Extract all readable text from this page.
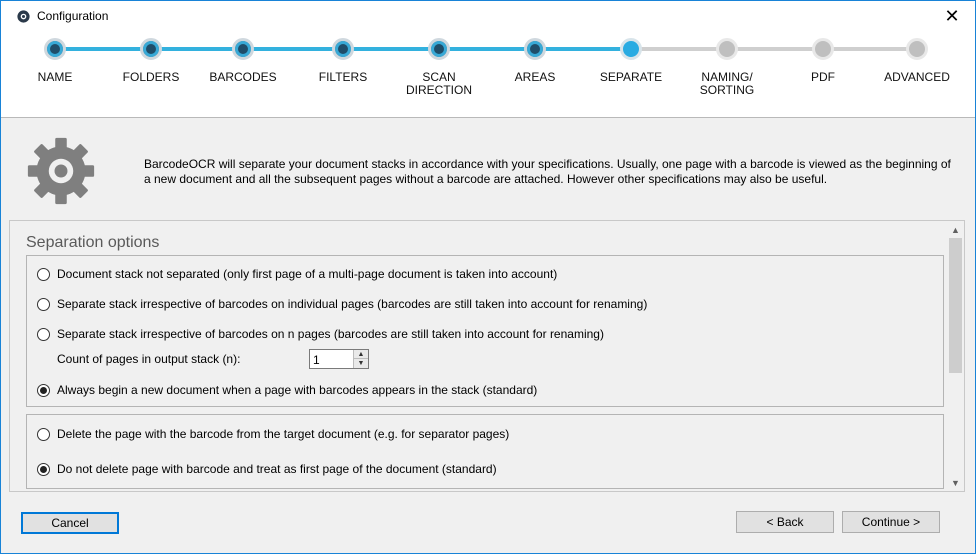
Configuration	✕
NAME	FOLDERS	BARCODES	FILTERS	SCAN
DIRECTION
AREAS	SEPARATE	NAMING/
SORTING
PDF	ADVANCED
BarcodeOCR will separate your document stacks in accordance with your specifications. Usually, one page with a barcode is viewed as the beginning of a new document and all the subsequent pages without a barcode are attached. However other specifications may also be useful.
Separation options
Document stack not separated (only first page of a multi-page document is taken into account)
Separate stack irrespective of barcodes on individual pages (barcodes are still taken into account for renaming)
Separate stack irrespective of barcodes on n pages (barcodes are still taken into account for renaming)
Count of pages in output stack (n):	1	▲
▼
Always begin a new document when a page with barcodes appears in the stack (standard)
Delete the page with the barcode from the target document (e.g. for separator pages)
Do not delete page with barcode and treat as first page of the document (standard)
▲
▼
Cancel	< Back	Continue >
